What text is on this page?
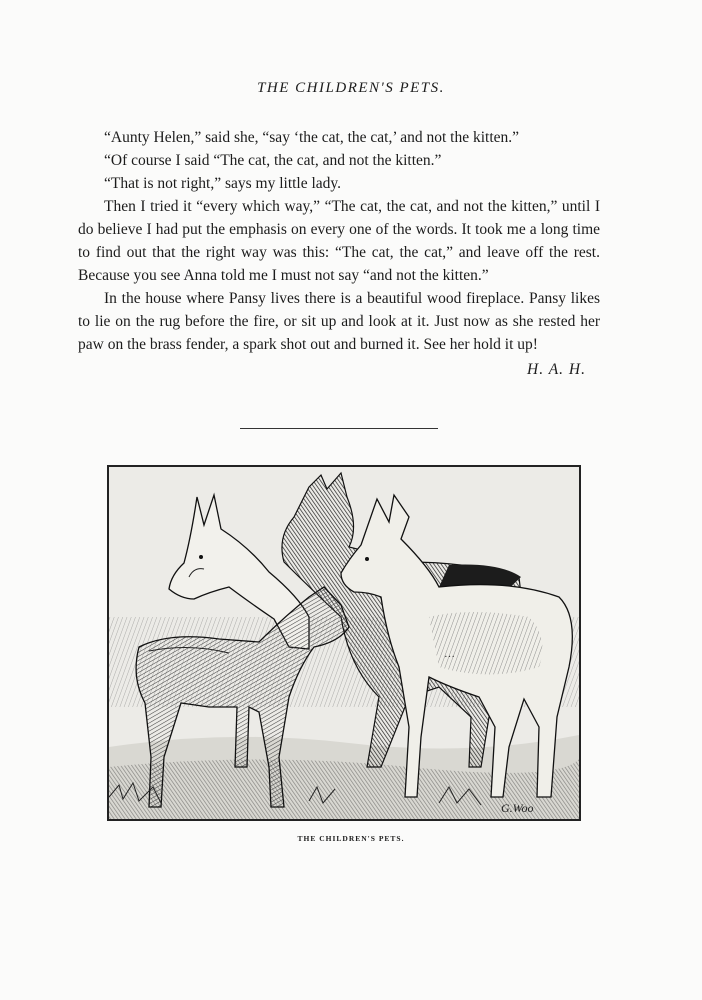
THE CHILDREN'S PETS.

“Aunty Helen,” said she, “say ‘the cat, the cat,’ and not the kitten.”

“Of course I said “The cat, the cat, and not the kitten.”

“That is not right,” says my little lady.

Then I tried it “every which way,” “The cat, the cat, and not the kitten,” until I do believe I had put the emphasis on every one of the words. It took me a long time to find out that the right way was this: “The cat, the cat,” and leave off the rest. Because you see Anna told me I must not say “and not the kitten.”

In the house where Pansy lives there is a beautiful wood fireplace. Pansy likes to lie on the rug before the fire, or sit up and look at it. Just now as she rested her paw on the brass fender, a spark shot out and burned it. See her hold it up!

H. A. H.
…
G.Woo
THE CHILDREN'S PETS.
